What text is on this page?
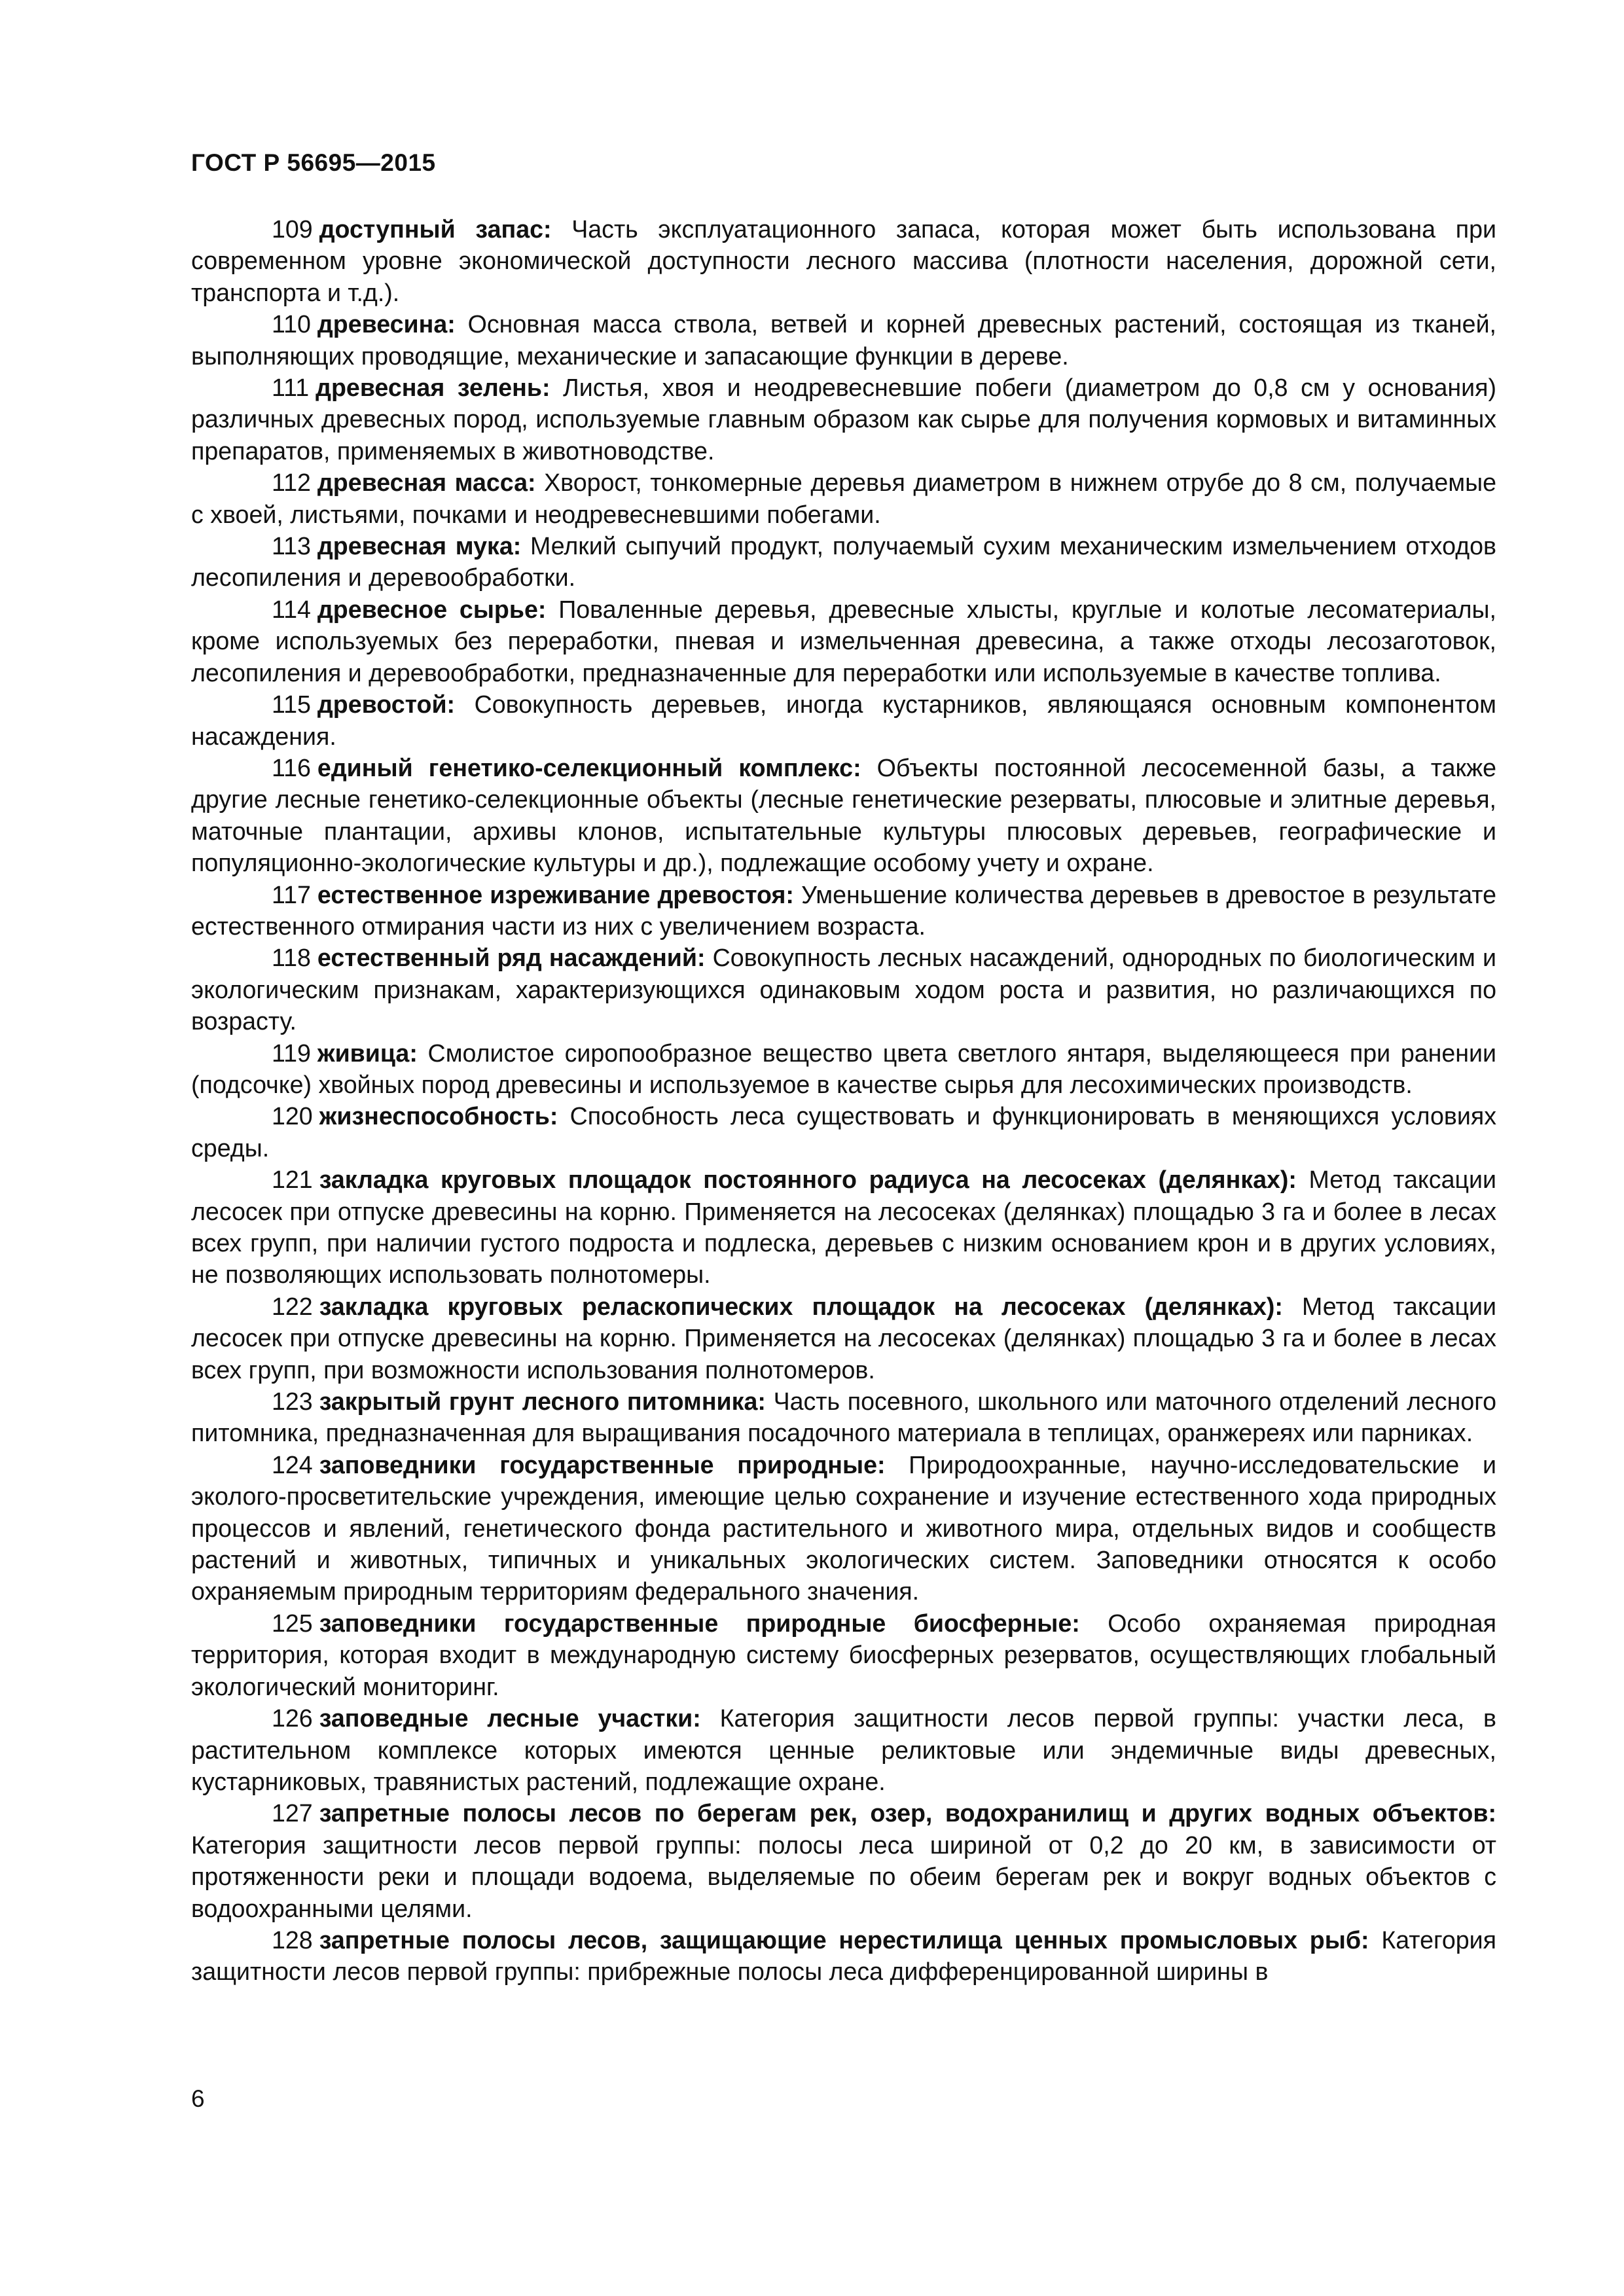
ГОСТ Р 56695—2015

109 доступный запас: Часть эксплуатационного запаса, которая может быть использована при современном уровне экономической доступности лесного массива (плотности населения, дорожной сети, транспорта и т.д.).

110 древесина: Основная масса ствола, ветвей и корней древесных растений, состоящая из тканей, выполняющих проводящие, механические и запасающие функции в дереве.

111 древесная зелень: Листья, хвоя и неодревесневшие побеги (диаметром до 0,8 см у основания) различных древесных пород, используемые главным образом как сырье для получения кормовых и витаминных препаратов, применяемых в животноводстве.

112 древесная масса: Хворост, тонкомерные деревья диаметром в нижнем отрубе до 8 см, получаемые с хвоей, листьями, почками и неодревесневшими побегами.

113 древесная мука: Мелкий сыпучий продукт, получаемый сухим механическим измельчением отходов лесопиления и деревообработки.

114 древесное сырье: Поваленные деревья, древесные хлысты, круглые и колотые лесоматериалы, кроме используемых без переработки, пневая и измельченная древесина, а также отходы лесозаготовок, лесопиления и деревообработки, предназначенные для переработки или используемые в качестве топлива.

115 древостой: Совокупность деревьев, иногда кустарников, являющаяся основным компонентом насаждения.

116 единый генетико-селекционный комплекс: Объекты постоянной лесосеменной базы, а также другие лесные генетико-селекционные объекты (лесные генетические резерваты, плюсовые и элитные деревья, маточные плантации, архивы клонов, испытательные культуры плюсовых деревьев, географические и популяционно-экологические культуры и др.), подлежащие особому учету и охране.

117 естественное изреживание древостоя: Уменьшение количества деревьев в древостое в результате естественного отмирания части из них с увеличением возраста.

118 естественный ряд насаждений: Совокупность лесных насаждений, однородных по биологическим и экологическим признакам, характеризующихся одинаковым ходом роста и развития, но различающихся по возрасту.

119 живица: Смолистое сиропообразное вещество цвета светлого янтаря, выделяющееся при ранении (подсочке) хвойных пород древесины и используемое в качестве сырья для лесохимических производств.

120 жизнеспособность: Способность леса существовать и функционировать в меняющихся условиях среды.

121 закладка круговых площадок постоянного радиуса на лесосеках (делянках): Метод таксации лесосек при отпуске древесины на корню. Применяется на лесосеках (делянках) площадью 3 га и более в лесах всех групп, при наличии густого подроста и подлеска, деревьев с низким основанием крон и в других условиях, не позволяющих использовать полнотомеры.

122 закладка круговых реласкопических площадок на лесосеках (делянках): Метод таксации лесосек при отпуске древесины на корню. Применяется на лесосеках (делянках) площадью 3 га и более в лесах всех групп, при возможности использования полнотомеров.

123 закрытый грунт лесного питомника: Часть посевного, школьного или маточного отделений лесного питомника, предназначенная для выращивания посадочного материала в теплицах, оранжереях или парниках.

124 заповедники государственные природные: Природоохранные, научно-исследовательские и эколого-просветительские учреждения, имеющие целью сохранение и изучение естественного хода природных процессов и явлений, генетического фонда растительного и животного мира, отдельных видов и сообществ растений и животных, типичных и уникальных экологических систем. Заповедники относятся к особо охраняемым природным территориям федерального значения.

125 заповедники государственные природные биосферные: Особо охраняемая природная территория, которая входит в международную систему биосферных резерватов, осуществляющих глобальный экологический мониторинг.

126 заповедные лесные участки: Категория защитности лесов первой группы: участки леса, в растительном комплексе которых имеются ценные реликтовые или эндемичные виды древесных, кустарниковых, травянистых растений, подлежащие охране.

127 запретные полосы лесов по берегам рек, озер, водохранилищ и других водных объектов: Категория защитности лесов первой группы: полосы леса шириной от 0,2 до 20 км, в зависимости от протяженности реки и площади водоема, выделяемые по обеим берегам рек и вокруг водных объектов с водоохранными целями.

128 запретные полосы лесов, защищающие нерестилища ценных промысловых рыб: Категория защитности лесов первой группы: прибрежные полосы леса дифференцированной ширины в

6
